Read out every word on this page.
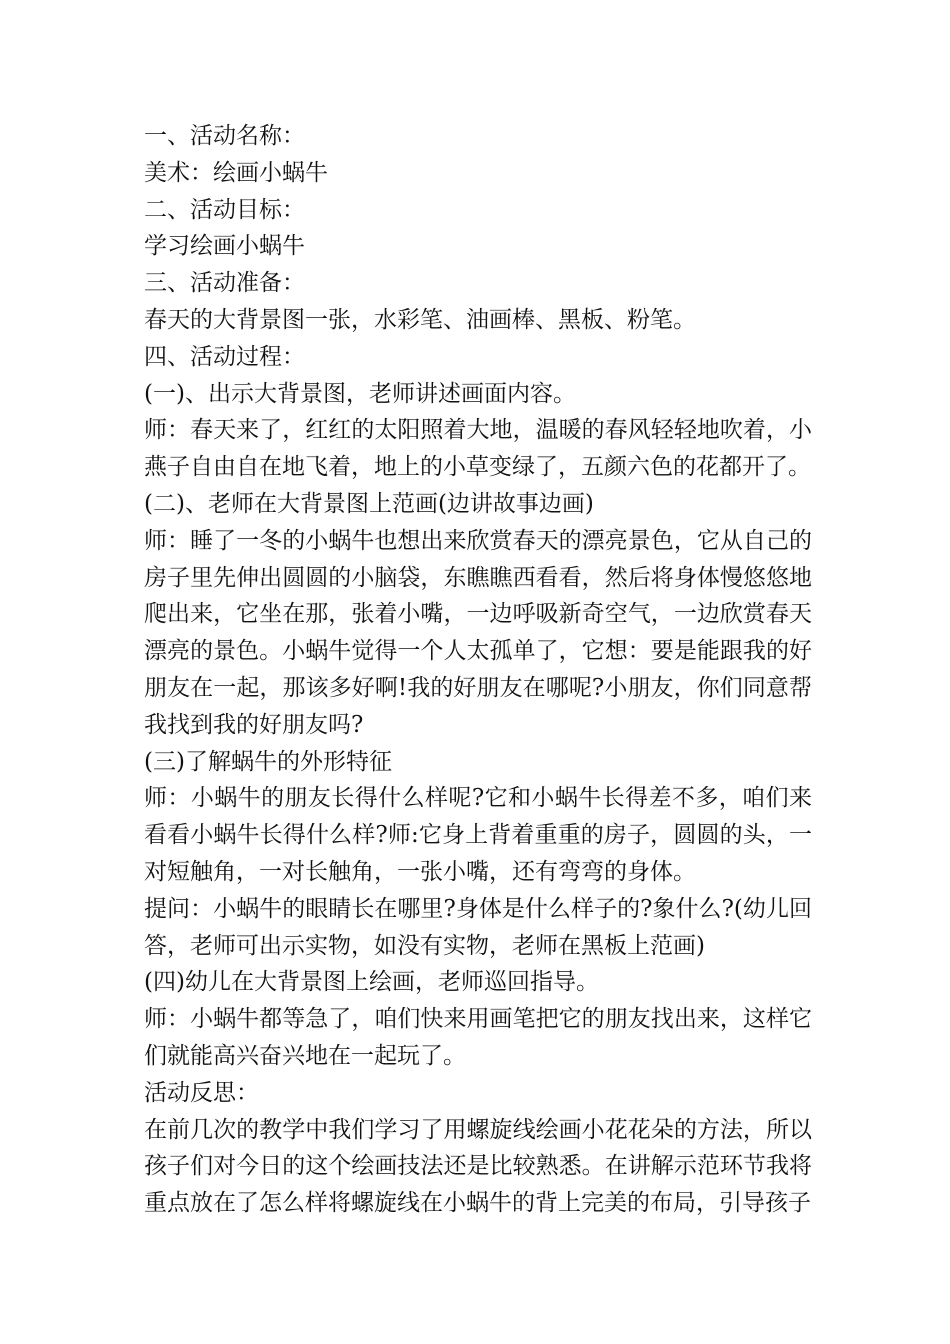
一、活动名称：

美术：绘画小蜗牛

二、活动目标：

学习绘画小蜗牛

三、活动准备：

春天的大背景图一张，水彩笔、油画棒、黑板、粉笔。

四、活动过程：

(一)、出示大背景图，老师讲述画面内容。

师：春天来了，红红的太阳照着大地，温暖的春风轻轻地吹着，小燕子自由自在地飞着，地上的小草变绿了，五颜六色的花都开了。

(二)、老师在大背景图上范画(边讲故事边画)

师：睡了一冬的小蜗牛也想出来欣赏春天的漂亮景色，它从自己的房子里先伸出圆圆的小脑袋，东瞧瞧西看看，然后将身体慢悠悠地爬出来，它坐在那，张着小嘴，一边呼吸新奇空气，一边欣赏春天漂亮的景色。小蜗牛觉得一个人太孤单了，它想：要是能跟我的好朋友在一起，那该多好啊!我的好朋友在哪呢?小朋友，你们同意帮我找到我的好朋友吗?

(三)了解蜗牛的外形特征

师：小蜗牛的朋友长得什么样呢?它和小蜗牛长得差不多，咱们来看看小蜗牛长得什么样?师:它身上背着重重的房子，圆圆的头，一对短触角，一对长触角，一张小嘴，还有弯弯的身体。

提问：小蜗牛的眼睛长在哪里?身体是什么样子的?象什么?(幼儿回答，老师可出示实物，如没有实物，老师在黑板上范画)

(四)幼儿在大背景图上绘画，老师巡回指导。

师：小蜗牛都等急了，咱们快来用画笔把它的朋友找出来，这样它们就能高兴奋兴地在一起玩了。

活动反思：

在前几次的教学中我们学习了用螺旋线绘画小花花朵的方法，所以孩子们对今日的这个绘画技法还是比较熟悉。在讲解示范环节我将重点放在了怎么样将螺旋线在小蜗牛的背上完美的布局，引导孩子
